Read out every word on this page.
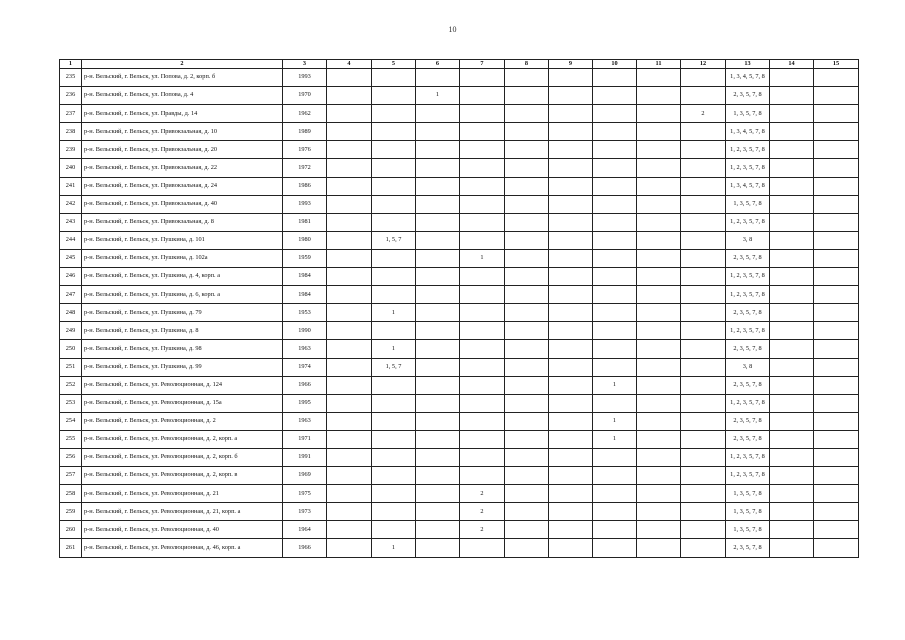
10
1	2	3	4	5	6	7	8	9	10	11	12	13	14	15
235	р-н. Вельский, г. Вельск, ул. Попова, д. 2, корп. б	1993										1, 3, 4, 5, 7, 8		
236	р-н. Вельский, г. Вельск, ул. Попова, д. 4	1970			1							2, 3, 5, 7, 8		
237	р-н. Вельский, г. Вельск, ул. Правды, д. 14	1962									2	1, 3, 5, 7, 8		
238	р-н. Вельский, г. Вельск, ул. Привокзальная, д. 10	1989										1, 3, 4, 5, 7, 8		
239	р-н. Вельский, г. Вельск, ул. Привокзальная, д. 20	1976										1, 2, 3, 5, 7, 8		
240	р-н. Вельский, г. Вельск, ул. Привокзальная, д. 22	1972										1, 2, 3, 5, 7, 8		
241	р-н. Вельский, г. Вельск, ул. Привокзальная, д. 24	1986										1, 3, 4, 5, 7, 8		
242	р-н. Вельский, г. Вельск, ул. Привокзальная, д. 40	1993										1, 3, 5, 7, 8		
243	р-н. Вельский, г. Вельск, ул. Привокзальная, д. 8	1981										1, 2, 3, 5, 7, 8		
244	р-н. Вельский, г. Вельск, ул. Пушкина, д. 101	1980		1, 5, 7								3, 8		
245	р-н. Вельский, г. Вельск, ул. Пушкина, д. 102а	1959				1						2, 3, 5, 7, 8		
246	р-н. Вельский, г. Вельск, ул. Пушкина, д. 4, корп. а	1984										1, 2, 3, 5, 7, 8		
247	р-н. Вельский, г. Вельск, ул. Пушкина, д. 6, корп. а	1984										1, 2, 3, 5, 7, 8		
248	р-н. Вельский, г. Вельск, ул. Пушкина, д. 79	1953		1								2, 3, 5, 7, 8		
249	р-н. Вельский, г. Вельск, ул. Пушкина, д. 8	1990										1, 2, 3, 5, 7, 8		
250	р-н. Вельский, г. Вельск, ул. Пушкина, д. 98	1963		1								2, 3, 5, 7, 8		
251	р-н. Вельский, г. Вельск, ул. Пушкина, д. 99	1974		1, 5, 7								3, 8		
252	р-н. Вельский, г. Вельск, ул. Революционная, д. 124	1966							1			2, 3, 5, 7, 8		
253	р-н. Вельский, г. Вельск, ул. Революционная, д. 15а	1995										1, 2, 3, 5, 7, 8		
254	р-н. Вельский, г. Вельск, ул. Революционная, д. 2	1963							1			2, 3, 5, 7, 8		
255	р-н. Вельский, г. Вельск, ул. Революционная, д. 2, корп. а	1971							1			2, 3, 5, 7, 8		
256	р-н. Вельский, г. Вельск, ул. Революционная, д. 2, корп. б	1991										1, 2, 3, 5, 7, 8		
257	р-н. Вельский, г. Вельск, ул. Революционная, д. 2, корп. в	1969										1, 2, 3, 5, 7, 8		
258	р-н. Вельский, г. Вельск, ул. Революционная, д. 21	1975				2						1, 3, 5, 7, 8		
259	р-н. Вельский, г. Вельск, ул. Революционная, д. 21, корп. а	1973				2						1, 3, 5, 7, 8		
260	р-н. Вельский, г. Вельск, ул. Революционная, д. 40	1964				2						1, 3, 5, 7, 8		
261	р-н. Вельский, г. Вельск, ул. Революционная, д. 46, корп. а	1966		1								2, 3, 5, 7, 8		
